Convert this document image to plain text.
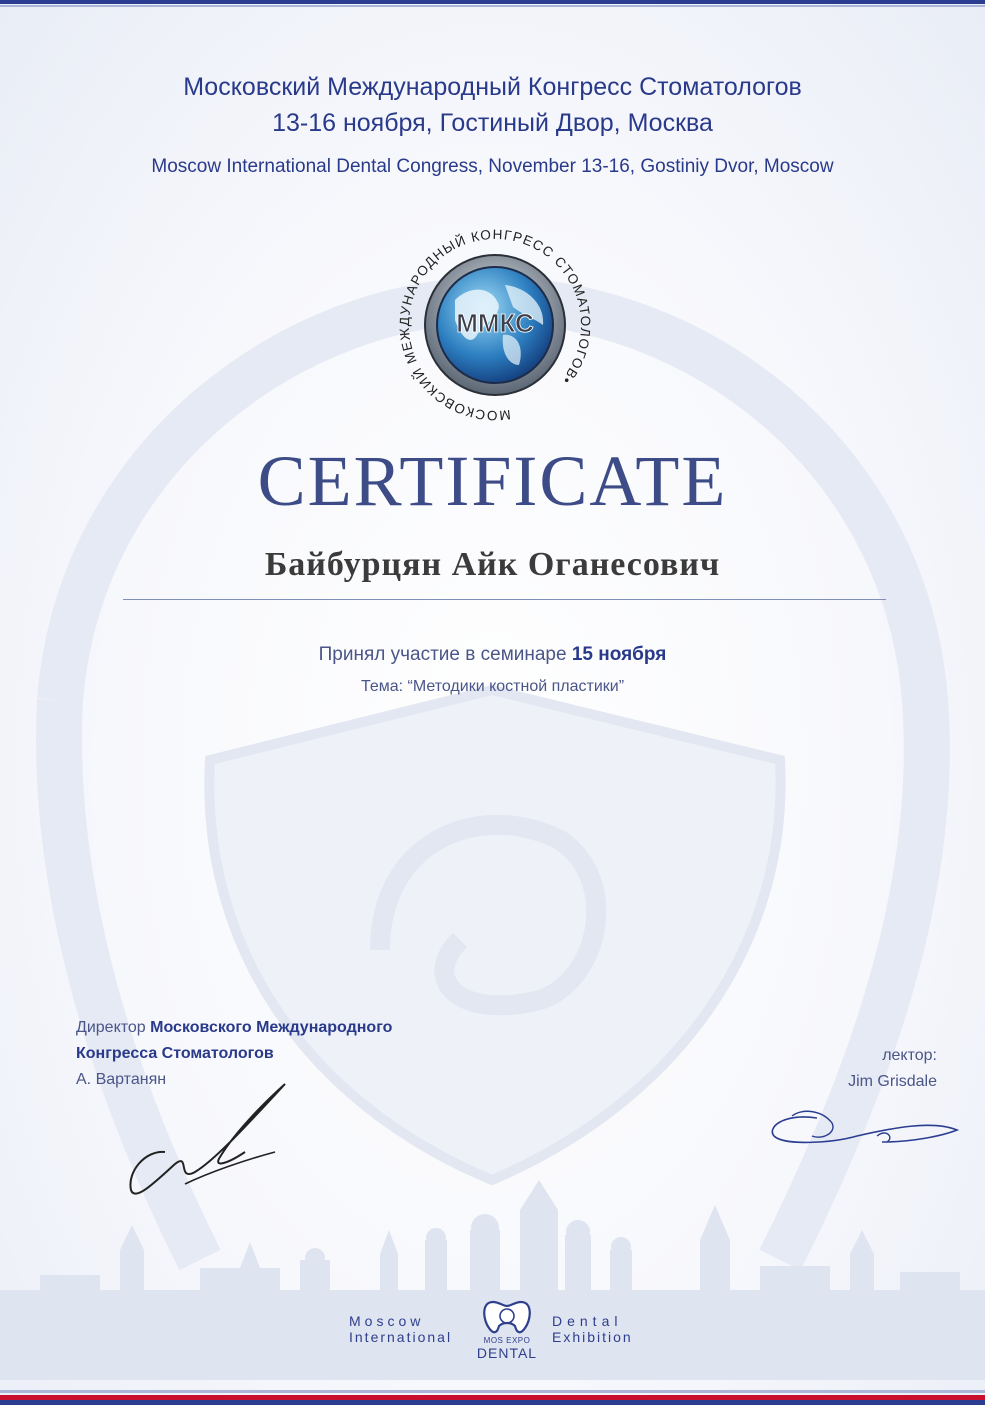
Московский Международный Конгресс Стоматологов
13-16 ноября, Гостиный Двор, Москва
Moscow International Dental Congress, November 13-16, Gostiniy Dvor, Moscow
МОСКОВСКИЙ МЕЖДУНАРОДНЫЙ КОНГРЕСС СТОМАТОЛОГОВ•
ММКС
CERTIFICATE
Байбурцян Айк Оганесович
Принял участие в семинаре 15 ноября
Тема: “Методики костной пластики”
Директор Московского Международного
Конгресса Стоматологов
А. Вартанян
лектор:
Jim Grisdale
Moscow
International	MOS EXPO
DENTAL
Dental
Exhibition
